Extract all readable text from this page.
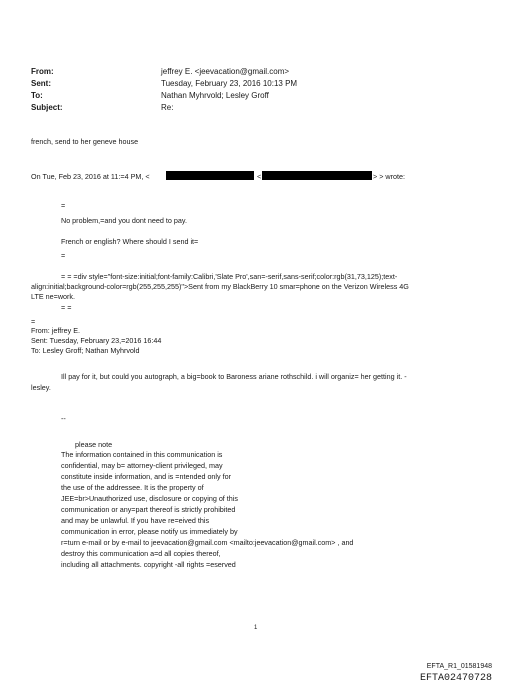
From:
Sent:
To:
Subject:
jeffrey E. <jeevacation@gmail.com>
Tuesday, February 23, 2016 10:13 PM
Nathan Myhrvold; Lesley Groff
Re:
french, send to her geneve house
On Tue, Feb 23, 2016 at 11:=4 PM, <	<	> > wrote:
=
No problem,=and you dont need to pay.
French or english? Where should I send it=
=
= = =div style="font-size:initial;font-family:Calibri,'Slate Pro',san=-serif,sans-serif;color:rgb(31,73,125);text-
align:initial;background-color=rgb(255,255,255)">Sent from my BlackBerry 10 smar=phone on the Verizon Wireless 4G
LTE ne=work.
= =
=
From: jeffrey E.
Sent: Tuesday, February 23,=2016 16:44
To: Lesley Groff; Nathan Myhrvold
Ill pay for it, but could you autograph, a big=book to Baroness ariane rothschild. i will organiz= her getting it. -
lesley.
--
please note
The information contained in this communication is
confidential, may b= attorney-client privileged, may
constitute inside information, and is =ntended only for
the use of the addressee. It is the property of
JEE=br>Unauthorized use, disclosure or copying of this
communication or any=part thereof is strictly prohibited
and may be unlawful. If you have re=eived this
communication in error, please notify us immediately by
r=turn e-mail or by e-mail to jeevacation@gmail.com <mailto:jeevacation@gmail.com> , and
destroy this communication a=d all copies thereof,
including all attachments. copyright -all rights =eserved
1
EFTA_R1_01581948
EFTA02470728
